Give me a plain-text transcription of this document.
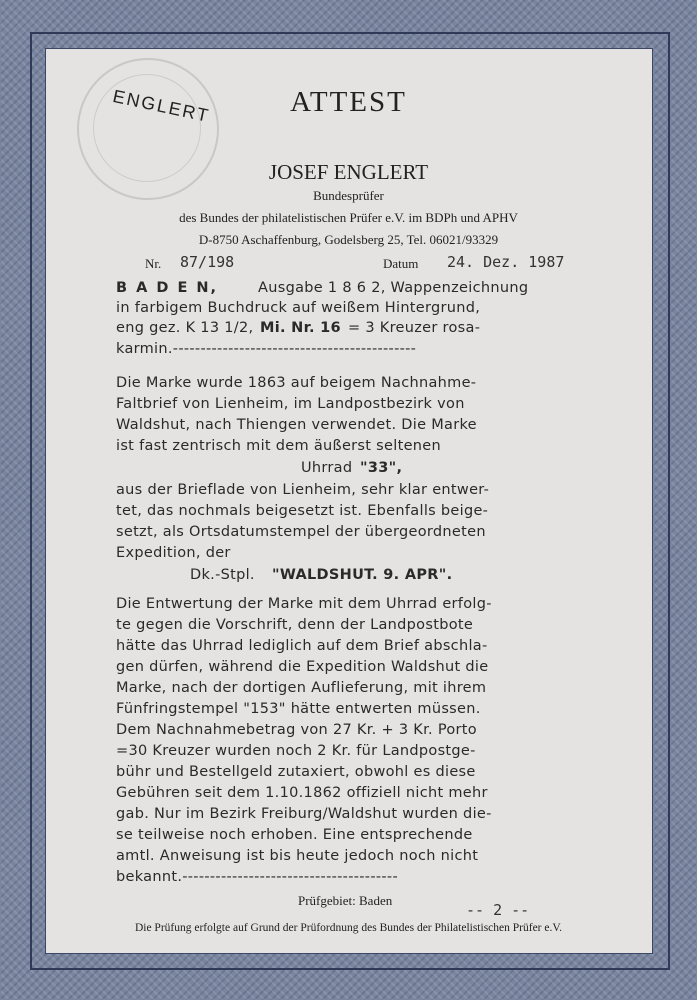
ENGLERT	ATTEST
JOSEF ENGLERT
Bundesprüfer
des Bundes der philatelistischen Prüfer e.V. im BDPh und APHV
D-8750 Aschaffenburg, Godelsberg 25, Tel. 06021/93329
Nr. 87/198	Datum 24. Dez. 1987
B A D E N,	Ausgabe 1 8 6 2, Wappenzeichnung
in farbigem Buchdruck auf weißem Hintergrund,
eng gez. K 13 1/2, Mi. Nr. 16 = 3 Kreuzer rosa-
karmin.--------------------------------------------
Die Marke wurde 1863 auf beigem Nachnahme-
Faltbrief von Lienheim, im Landpostbezirk von
Waldshut, nach Thiengen verwendet. Die Marke
ist fast zentrisch mit dem äußerst seltenen
Uhrrad "33",
aus der Brieflade von Lienheim, sehr klar entwer-
tet, das nochmals beigesetzt ist. Ebenfalls beige-
setzt, als Ortsdatumstempel der übergeordneten
Expedition, der
Dk.-Stpl. "WALDSHUT. 9. APR".
Die Entwertung der Marke mit dem Uhrrad erfolg-
te gegen die Vorschrift, denn der Landpostbote
hätte das Uhrrad lediglich auf dem Brief abschla-
gen dürfen, während die Expedition Waldshut die
Marke, nach der dortigen Auflieferung, mit ihrem
Fünfringstempel "153" hätte entwerten müssen.
Dem Nachnahmebetrag von 27 Kr. + 3 Kr. Porto
=30 Kreuzer wurden noch 2 Kr. für Landpostge-
bühr und Bestellgeld zutaxiert, obwohl es diese
Gebühren seit dem 1.10.1862 offiziell nicht mehr
gab. Nur im Bezirk Freiburg/Waldshut wurden die-
se teilweise noch erhoben. Eine entsprechende
amtl. Anweisung ist bis heute jedoch noch nicht
bekannt.---------------------------------------
Prüfgebiet: Baden
-- 2 --
Die Prüfung erfolgte auf Grund der Prüfordnung des Bundes der Philatelistischen Prüfer e.V.
